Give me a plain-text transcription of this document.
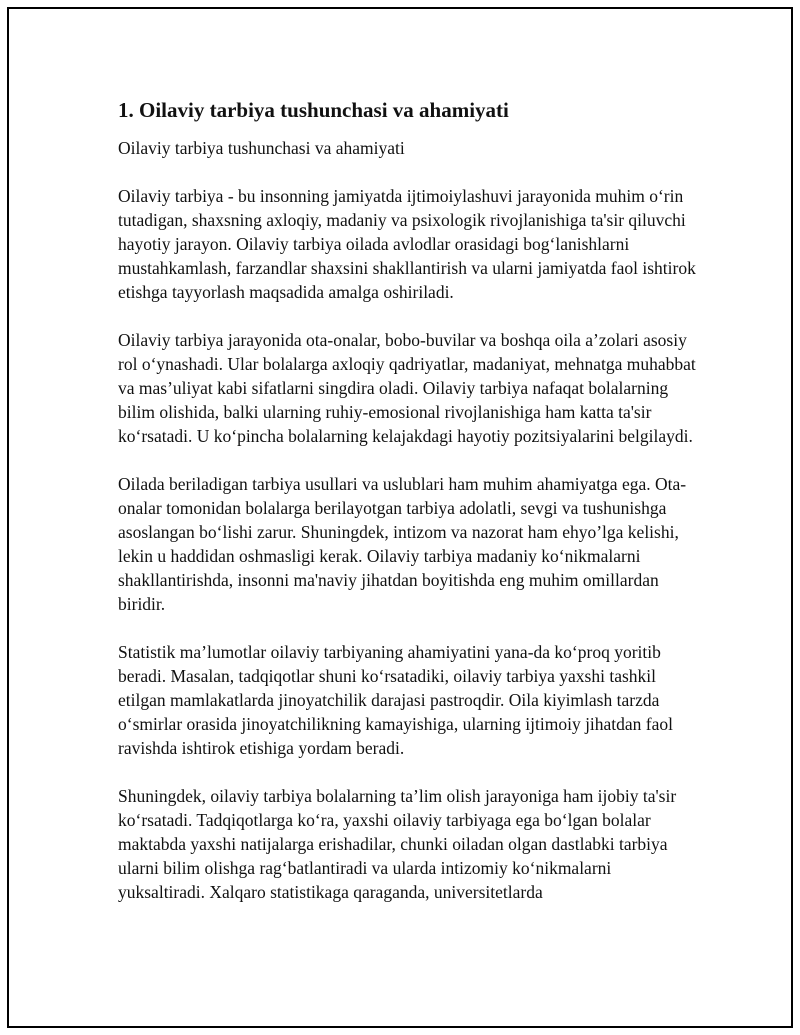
1. Oilaviy tarbiya tushunchasi va ahamiyati

Oilaviy tarbiya tushunchasi va ahamiyati

Oilaviy tarbiya - bu insonning jamiyatda ijtimoiylashuvi jarayonida muhim o‘rin tutadigan, shaxsning axloqiy, madaniy va psixologik rivojlanishiga ta'sir qiluvchi hayotiy jarayon. Oilaviy tarbiya oilada avlodlar orasidagi bog‘lanishlarni mustahkamlash, farzandlar shaxsini shakllantirish va ularni jamiyatda faol ishtirok etishga tayyorlash maqsadida amalga oshiriladi.

Oilaviy tarbiya jarayonida ota-onalar, bobo-buvilar va boshqa oila a’zolari asosiy rol o‘ynashadi. Ular bolalarga axloqiy qadriyatlar, madaniyat, mehnatga muhabbat va mas’uliyat kabi sifatlarni singdira oladi. Oilaviy tarbiya nafaqat bolalarning bilim olishida, balki ularning ruhiy-emosional rivojlanishiga ham katta ta'sir ko‘rsatadi. U ko‘pincha bolalarning kelajakdagi hayotiy pozitsiyalarini belgilaydi.

Oilada beriladigan tarbiya usullari va uslublari ham muhim ahamiyatga ega. Ota-onalar tomonidan bolalarga berilayotgan tarbiya adolatli, sevgi va tushunishga asoslangan bo‘lishi zarur. Shuningdek, intizom va nazorat ham ehyo’lga kelishi, lekin u haddidan oshmasligi kerak. Oilaviy tarbiya madaniy ko‘nikmalarni shakllantirishda, insonni ma'naviy jihatdan boyitishda eng muhim omillardan biridir.

Statistik ma’lumotlar oilaviy tarbiyaning ahamiyatini yana-da ko‘proq yoritib beradi. Masalan, tadqiqotlar shuni ko‘rsatadiki, oilaviy tarbiya yaxshi tashkil etilgan mamlakatlarda jinoyatchilik darajasi pastroqdir. Oila kiyimlash tarzda o‘smirlar orasida jinoyatchilikning kamayishiga, ularning ijtimoiy jihatdan faol ravishda ishtirok etishiga yordam beradi.

Shuningdek, oilaviy tarbiya bolalarning ta’lim olish jarayoniga ham ijobiy ta'sir ko‘rsatadi. Tadqiqotlarga ko‘ra, yaxshi oilaviy tarbiyaga ega bo‘lgan bolalar maktabda yaxshi natijalarga erishadilar, chunki oiladan olgan dastlabki tarbiya ularni bilim olishga rag‘batlantiradi va ularda intizomiy ko‘nikmalarni yuksaltiradi. Xalqaro statistikaga qaraganda, universitetlarda
